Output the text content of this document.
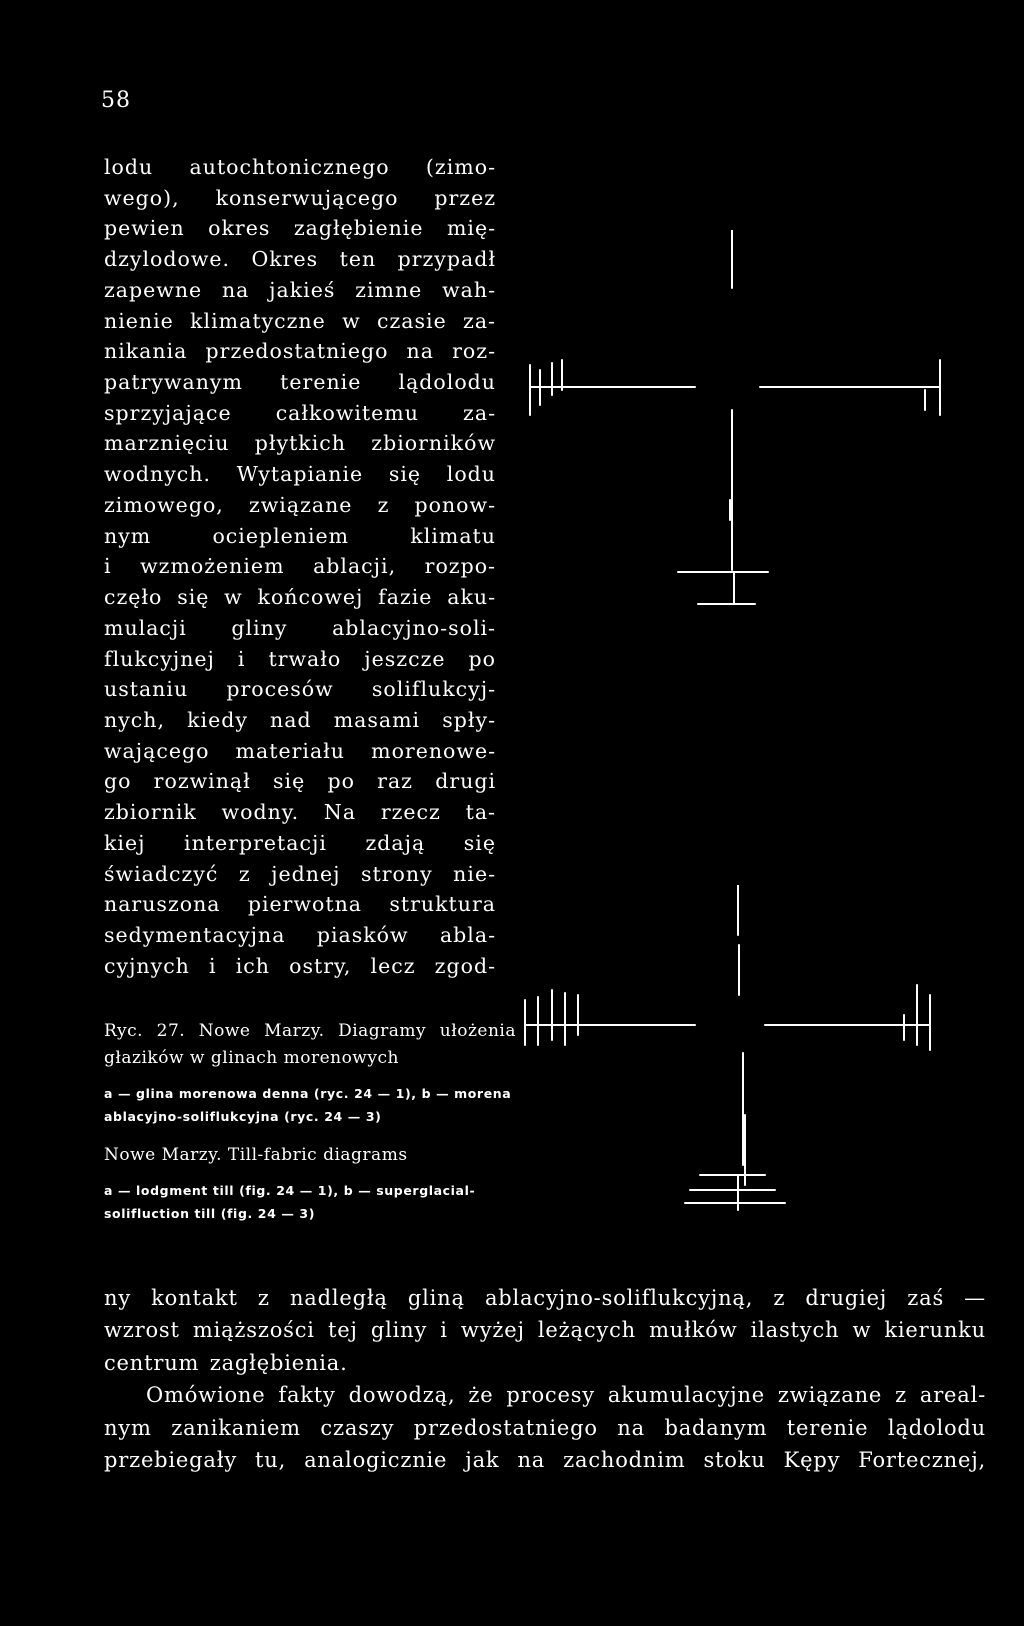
58
lodu autochtonicznego (zimo-
wego), konserwującego przez
pewien okres zagłębienie mię-
dzylodowe. Okres ten przypadł
zapewne na jakieś zimne wah-
nienie klimatyczne w czasie za-
nikania przedostatniego na roz-
patrywanym terenie lądolodu
sprzyjające całkowitemu za-
marznięciu płytkich zbiorników
wodnych. Wytapianie się lodu
zimowego, związane z ponow-
nym ociepleniem klimatu
i wzmożeniem ablacji, rozpo-
częło się w końcowej fazie aku-
mulacji gliny ablacyjno-soli-
flukcyjnej i trwało jeszcze po
ustaniu procesów soliflukcyj-
nych, kiedy nad masami spły-
wającego materiału morenowe-
go rozwinął się po raz drugi
zbiornik wodny. Na rzecz ta-
kiej interpretacji zdają się
świadczyć z jednej strony nie-
naruszona pierwotna struktura
sedymentacyjna piasków abla-
cyjnych i ich ostry, lecz zgod-
Ryc. 27. Nowe Marzy. Diagramy ułożenia głazików w glinach morenowych
a — glina morenowa denna (ryc. 24 — 1), b — morena ablacyjno-soliflukcyjna (ryc. 24 — 3)
Nowe Marzy. Till-fabric diagrams
a — lodgment till (fig. 24 — 1), b — superglacial-solifluction till (fig. 24 — 3)
ny kontakt z nadległą gliną ablacyjno-soliflukcyjną, z drugiej zaś —
wzrost miąższości tej gliny i wyżej leżących mułków ilastych w kierunku
centrum zagłębienia.
Omówione fakty dowodzą, że procesy akumulacyjne związane z areal-
nym zanikaniem czaszy przedostatniego na badanym terenie lądolodu
przebiegały tu, analogicznie jak na zachodnim stoku Kępy Fortecznej,
